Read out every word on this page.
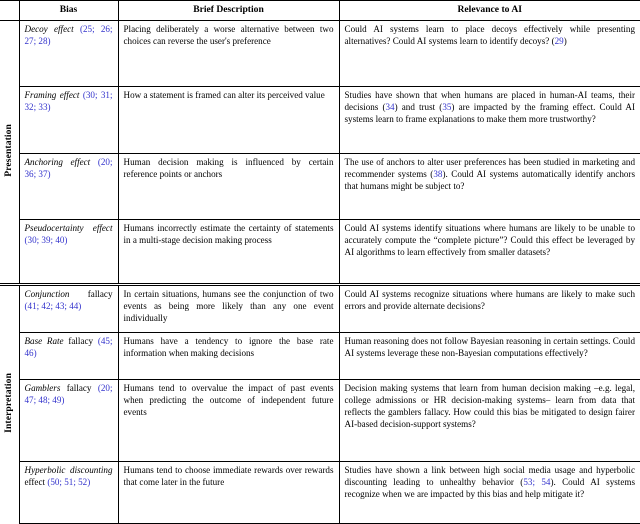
	Bias	Brief Description	Relevance to AI
Presentation	Decoy effect (25; 26; 27; 28)	Placing deliberately a worse alternative between two choices can reverse the user's preference	Could AI systems learn to place decoys effectively while presenting alternatives? Could AI systems learn to identify decoys? (29)
	Framing effect (30; 31; 32; 33)	How a statement is framed can alter its perceived value	Studies have shown that when humans are placed in human-AI teams, their decisions (34) and trust (35) are impacted by the framing effect. Could AI systems learn to frame explanations to make them more trustworthy?
	Anchoring effect (20; 36; 37)	Human decision making is influenced by certain reference points or anchors	The use of anchors to alter user preferences has been studied in marketing and recommender systems (38). Could AI systems automatically identify anchors that humans might be subject to?
	Pseudocertainty effect (30; 39; 40)	Humans incorrectly estimate the certainty of statements in a multi-stage decision making process	Could AI systems identify situations where humans are likely to be unable to accurately compute the “complete picture”? Could this effect be leveraged by AI algorithms to learn effectively from smaller datasets?

Interpretation	Conjunction fallacy (41; 42; 43; 44)	In certain situations, humans see the conjunction of two events as being more likely than any one event individually	Could AI systems recognize situations where humans are likely to make such errors and provide alternate decisions?
	Base Rate fallacy (45; 46)	Humans have a tendency to ignore the base rate information when making decisions	Human reasoning does not follow Bayesian reasoning in certain settings. Could AI systems leverage these non-Bayesian computations effectively?
	Gamblers fallacy (20; 47; 48; 49)	Humans tend to overvalue the impact of past events when predicting the outcome of independent future events	Decision making systems that learn from human decision making –e.g. legal, college admissions or HR decision-making systems– learn from data that reflects the gamblers fallacy. How could this bias be mitigated to design fairer AI-based decision-support systems?
	Hyperbolic discounting effect (50; 51; 52)	Humans tend to choose immediate rewards over rewards that come later in the future	Studies have shown a link between high social media usage and hyperbolic discounting leading to unhealthy behavior (53; 54). Could AI systems recognize when we are impacted by this bias and help mitigate it?
